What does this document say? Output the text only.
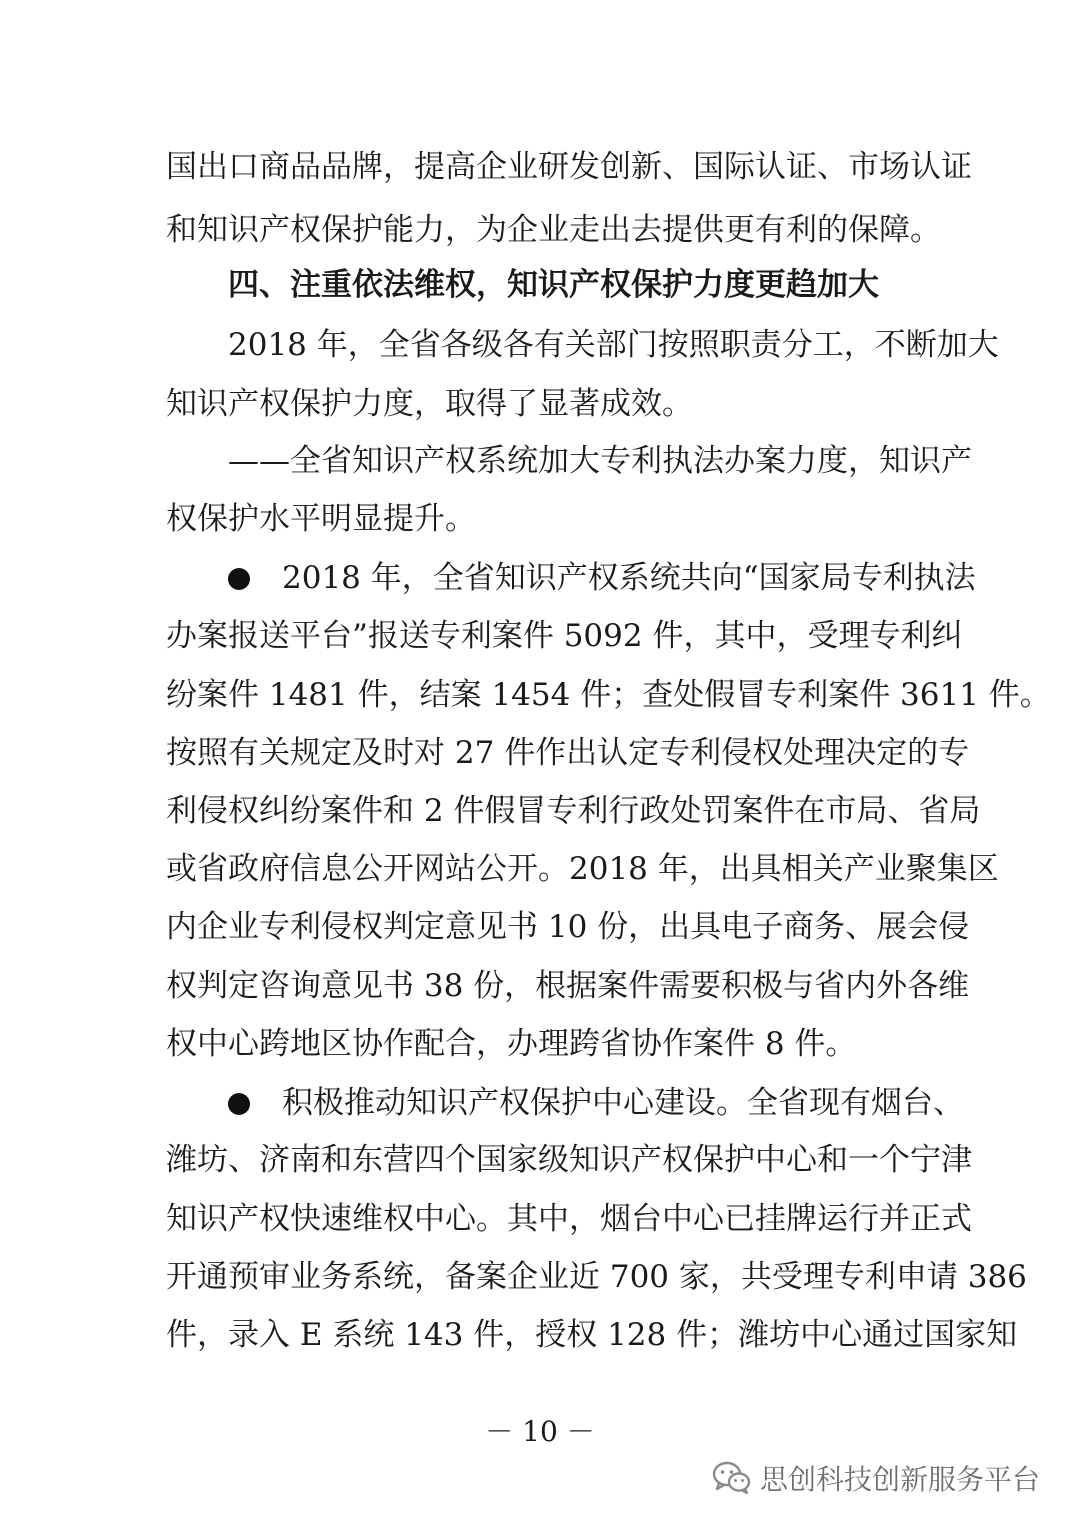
国出口商品品牌，提高企业研发创新、国际认证、市场认证
和知识产权保护能力，为企业走出去提供更有利的保障。
四、注重依法维权，知识产权保护力度更趋加大
2018 年，全省各级各有关部门按照职责分工，不断加大
知识产权保护力度，取得了显著成效。
——全省知识产权系统加大专利执法办案力度，知识产
权保护水平明显提升。
2018 年，全省知识产权系统共向“国家局专利执法
办案报送平台”报送专利案件 5092 件，其中，受理专利纠
纷案件 1481 件，结案 1454 件；查处假冒专利案件 3611 件。
按照有关规定及时对 27 件作出认定专利侵权处理决定的专
利侵权纠纷案件和 2 件假冒专利行政处罚案件在市局、省局
或省政府信息公开网站公开。2018 年，出具相关产业聚集区
内企业专利侵权判定意见书 10 份，出具电子商务、展会侵
权判定咨询意见书 38 份，根据案件需要积极与省内外各维
权中心跨地区协作配合，办理跨省协作案件 8 件。
积极推动知识产权保护中心建设。全省现有烟台、
潍坊、济南和东营四个国家级知识产权保护中心和一个宁津
知识产权快速维权中心。其中，烟台中心已挂牌运行并正式
开通预审业务系统，备案企业近 700 家，共受理专利申请 386
件，录入 E 系统 143 件，授权 128 件；潍坊中心通过国家知
－ 10 －
思创科技创新服务平台
